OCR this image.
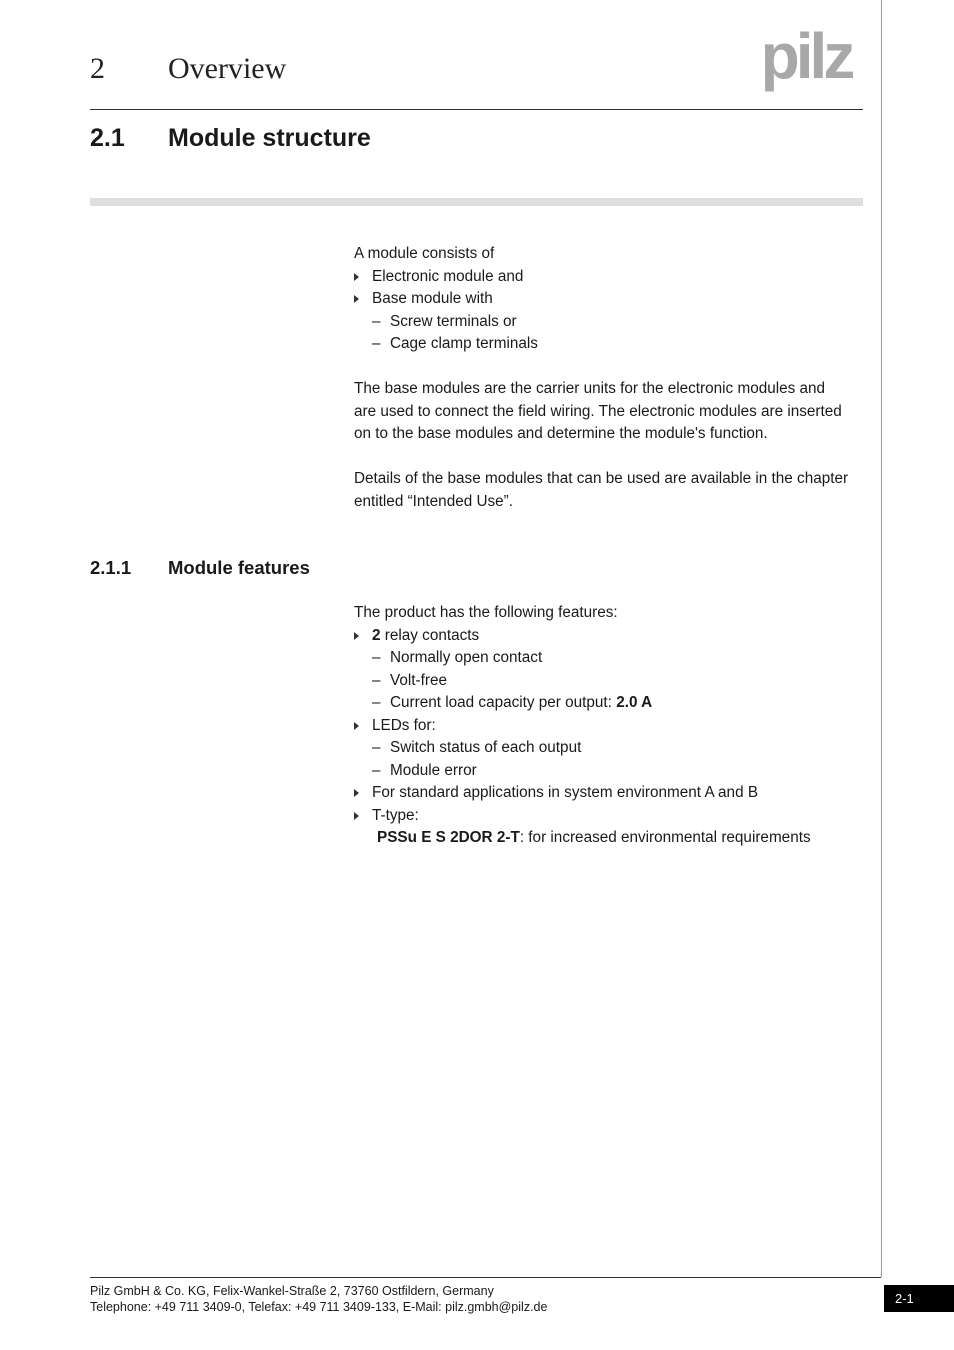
2 Overview	pilz
2.1 Module structure

A module consists of

Electronic module and
Base module with
– Screw terminals or
– Cage clamp terminals
The base modules are the carrier units for the electronic modules and
are used to connect the field wiring. The electronic modules are inserted
on to the base modules and determine the module's function.
Details of the base modules that can be used are available in the chapter
entitled “Intended Use”.
2.1.1 Module features

The product has the following features:

2 relay contacts
– Normally open contact
– Volt-free
– Current load capacity per output: 2.0 A
LEDs for:
– Switch status of each output
– Module error
For standard applications in system environment A and B
T-type:
PSSu E S 2DOR 2-T: for increased environmental requirements
Pilz GmbH & Co. KG, Felix-Wankel-Straße 2, 73760 Ostfildern, Germany
Telephone: +49 711 3409-0, Telefax: +49 711 3409-133, E-Mail: pilz.gmbh@pilz.de
2-1
